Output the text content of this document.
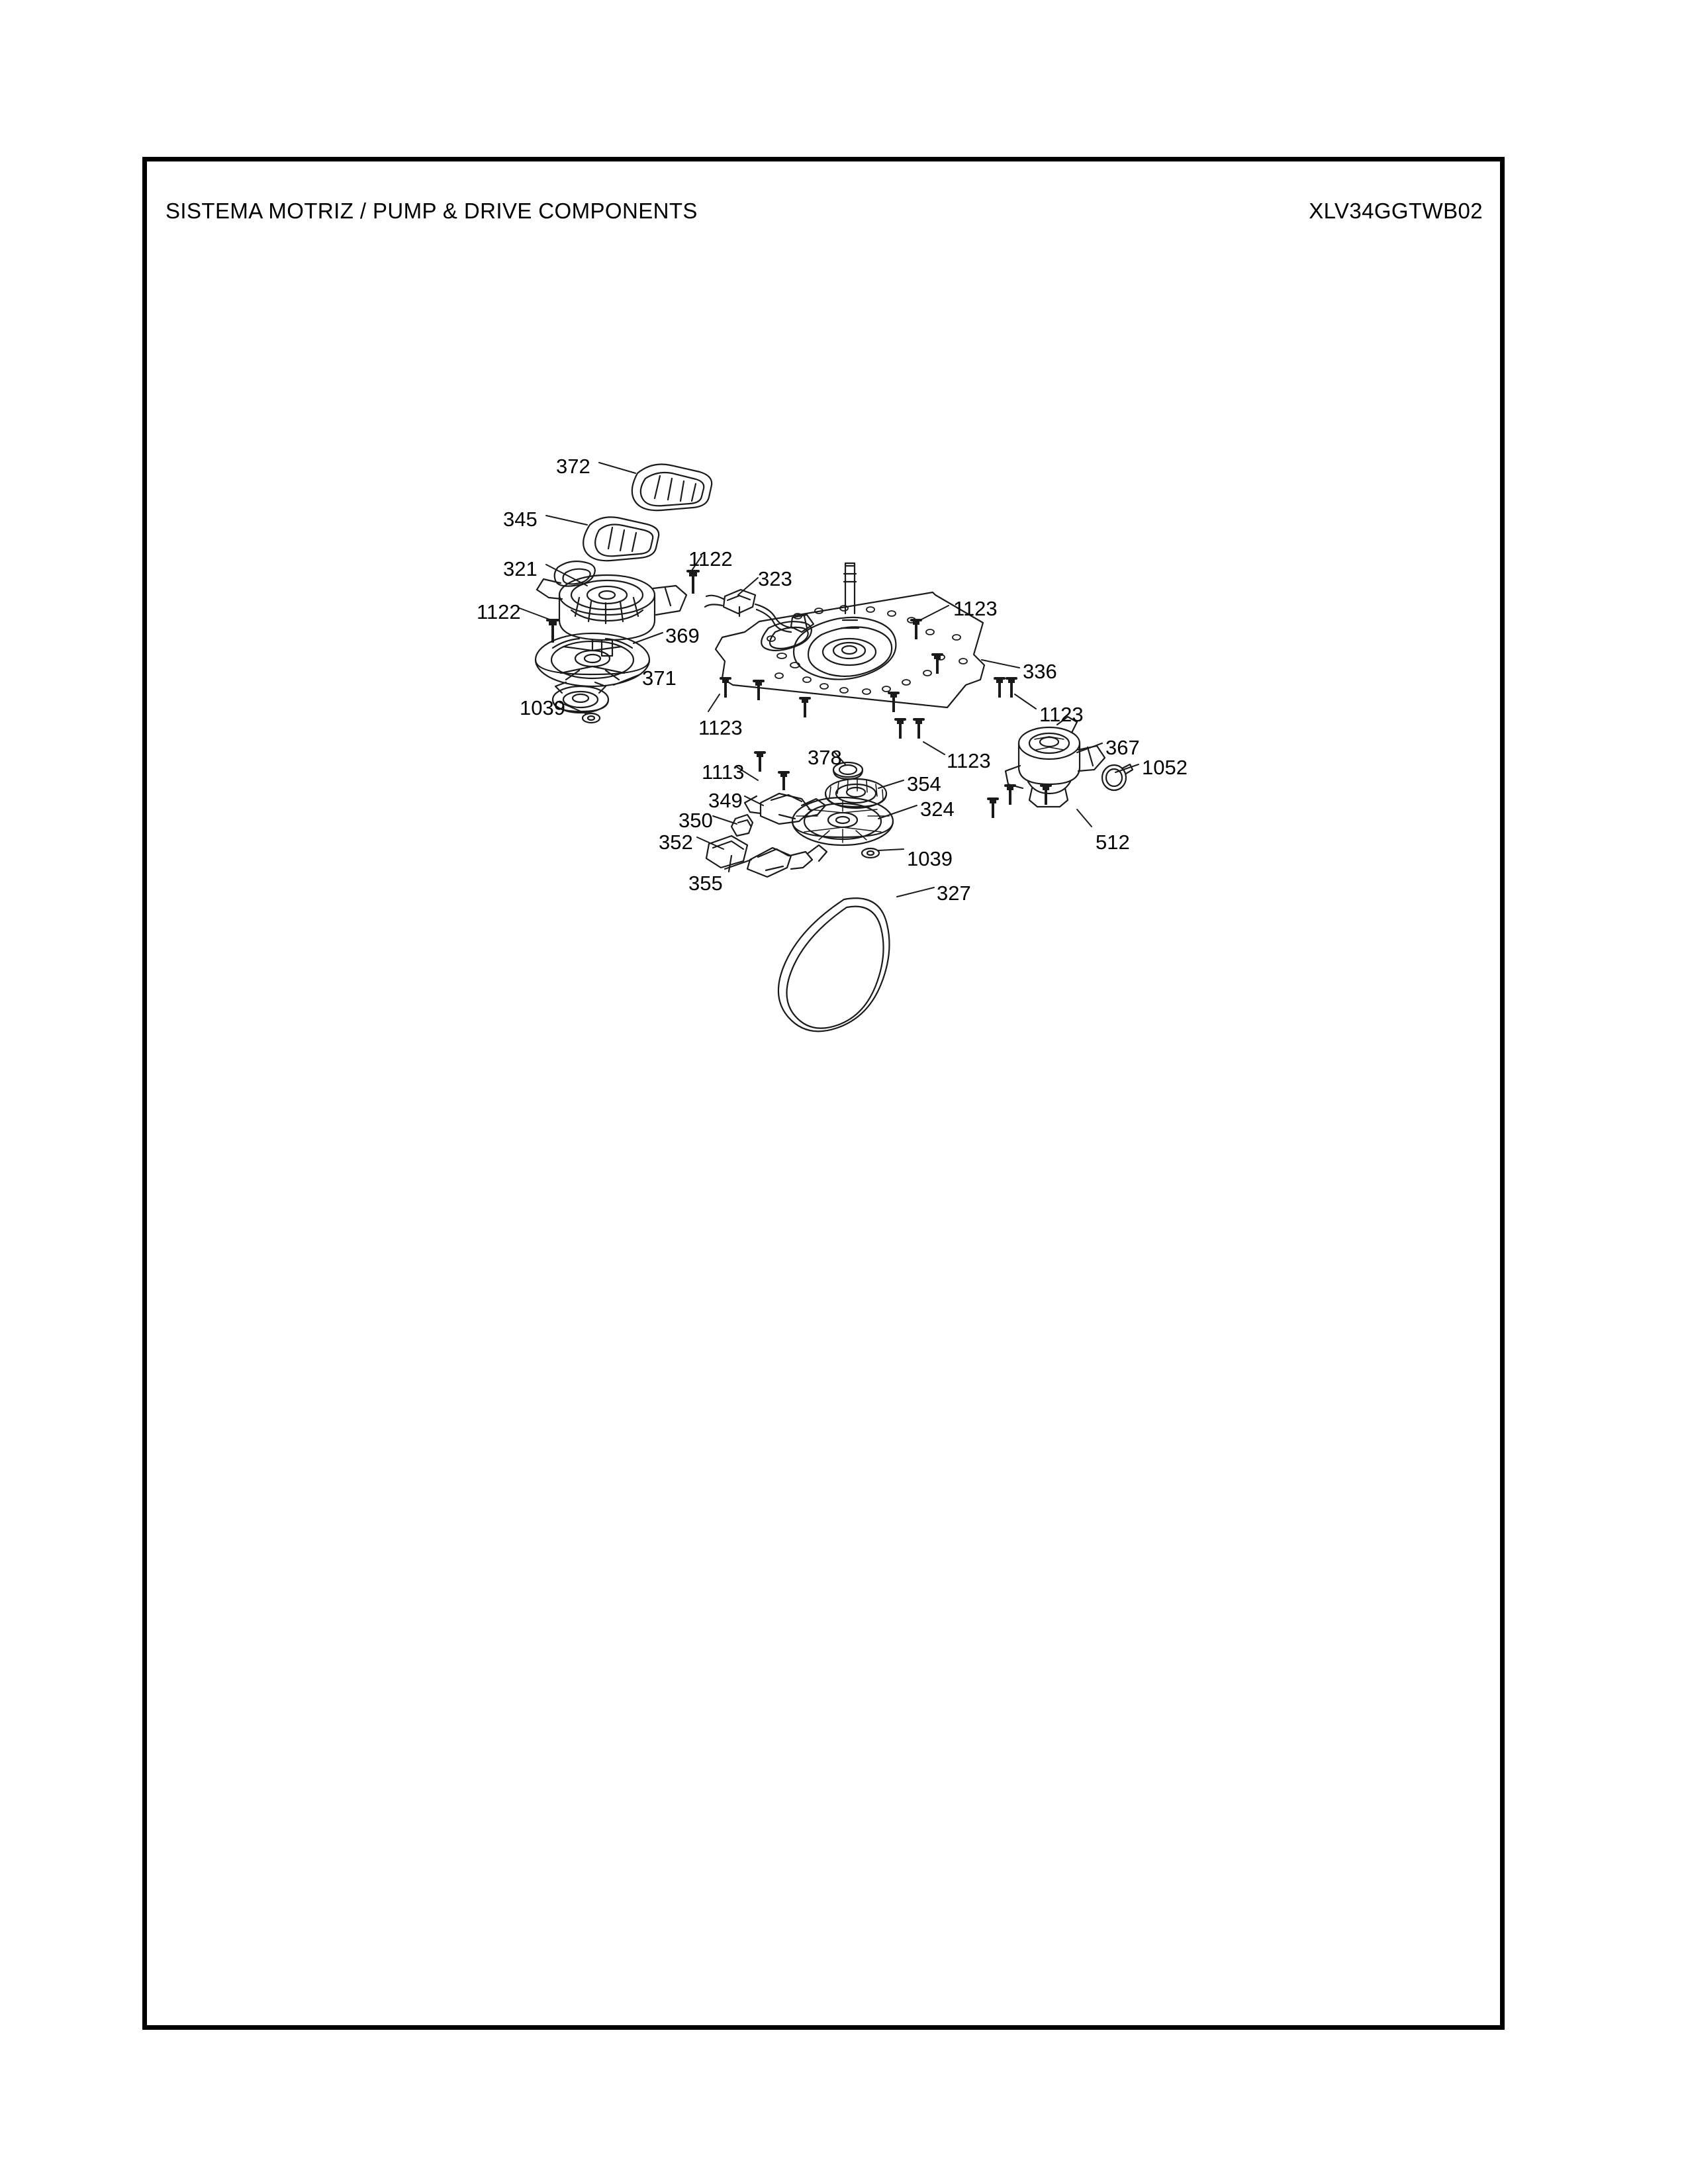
SISTEMA MOTRIZ / PUMP & DRIVE COMPONENTS	XLV34GGTWB02
372
345
321	1122
323
1123
1122
369
336
371
1039
1123
1123
367
378	1123
1113	1052
354
349	324
350
352	512
1039
355	327
